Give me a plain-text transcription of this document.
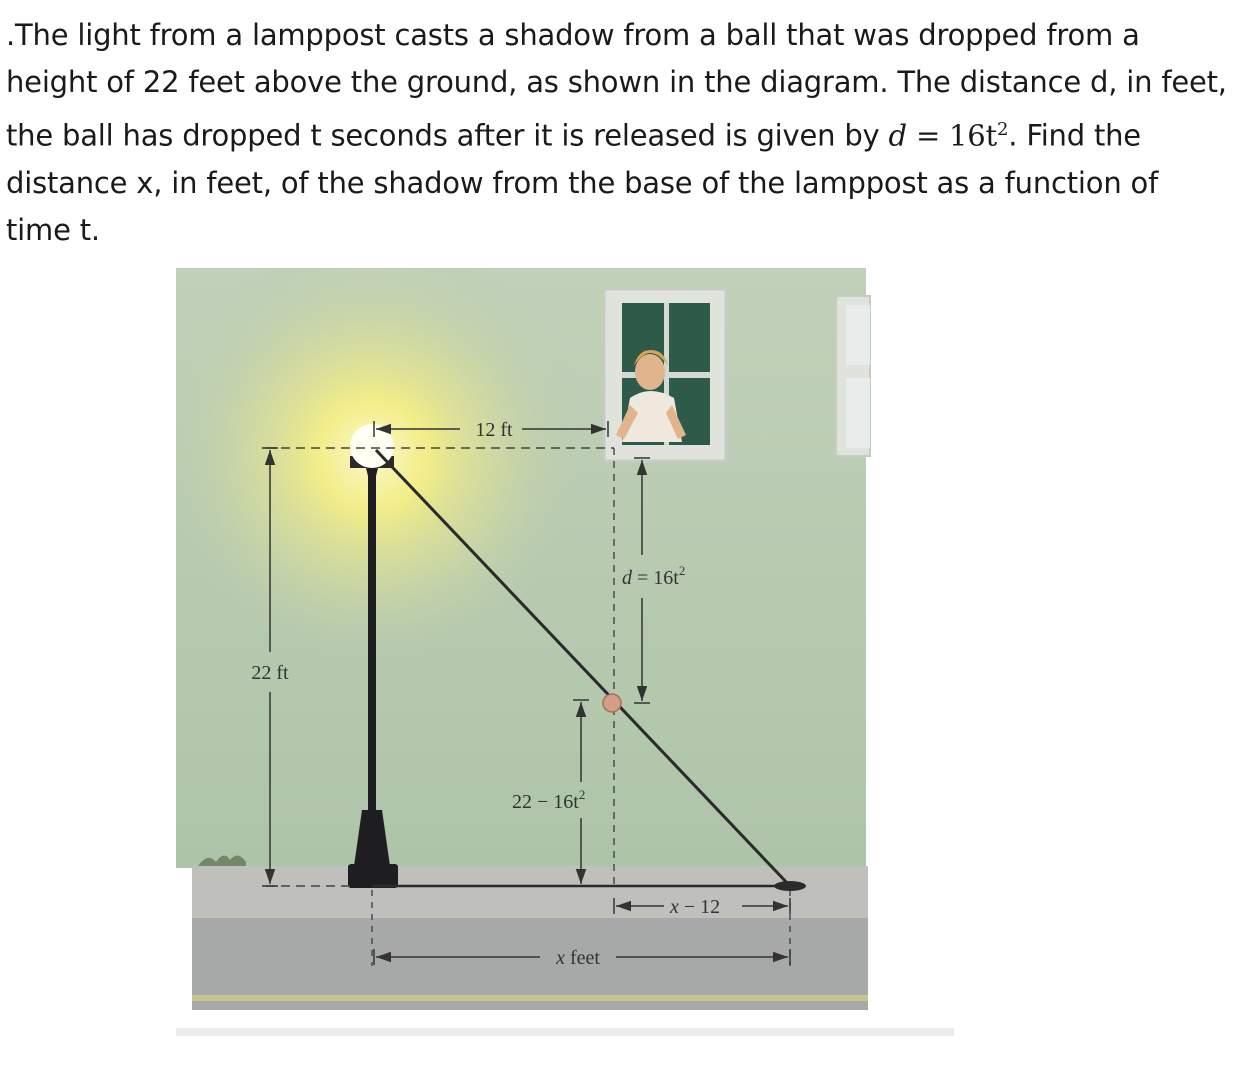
.The light from a lamppost casts a shadow from a ball that was dropped from a height of 22 feet above the ground, as shown in the diagram. The distance d, in feet, the ball has dropped t seconds after it is released is given by $d = 16t^2$. Find the distance x, in feet, of the shadow from the base of the lamppost as a function of time t.

12 ft
22 ft
$d = 16t^2$
$22 - 16t^2$
x − 12
x feet
